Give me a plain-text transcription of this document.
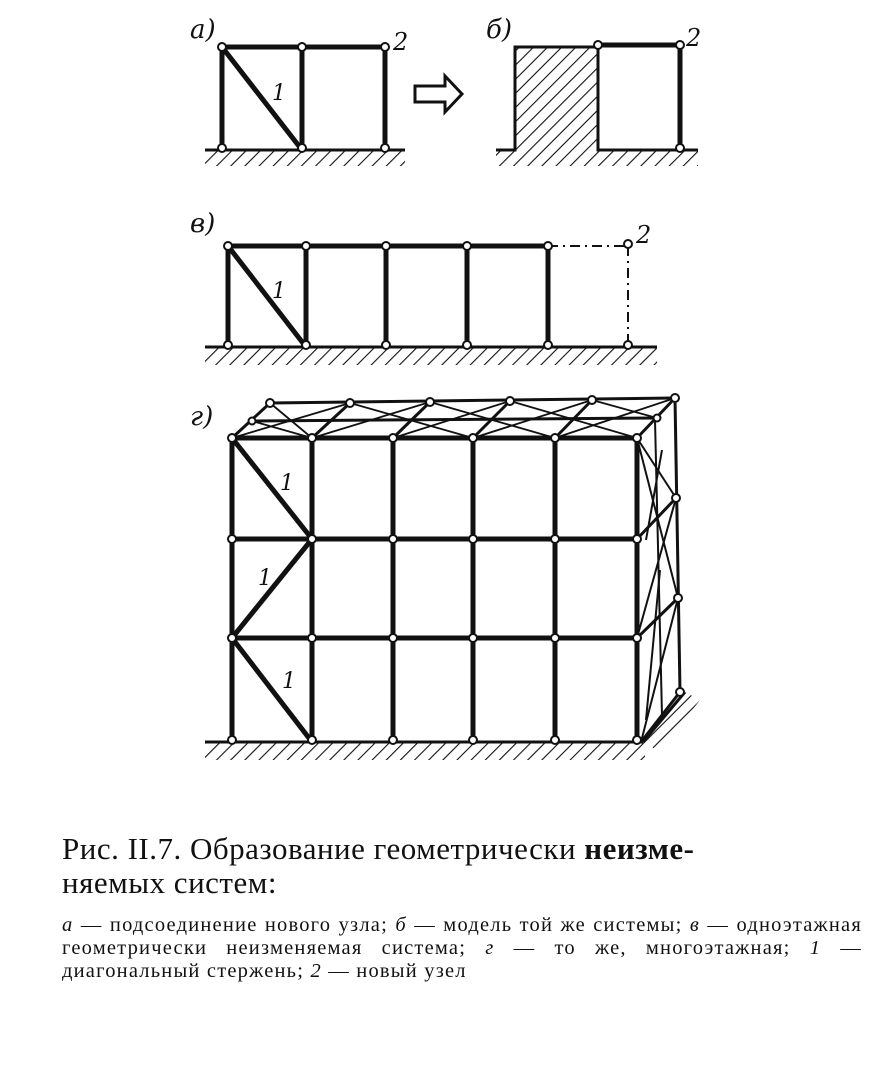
а)
1
2	б)	2
в)
1
2
г)
1
1
1

Рис. II.7. Образование геометрически неизме-
няемых систем:

а — подсоединение нового узла; б — модель той же системы; в — одноэтажная геометрически неизменяемая система; г — то же, многоэтажная; 1 — диагональный стержень; 2 — новый узел
